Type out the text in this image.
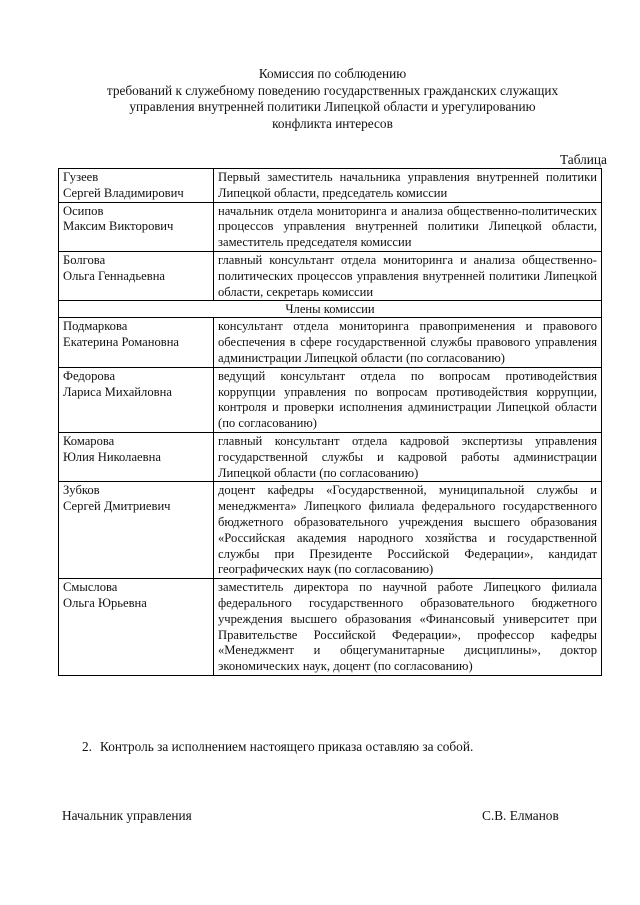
Комиссия по соблюдению
требований к служебному поведению государственных гражданских служащих
управления внутренней политики Липецкой области и урегулированию
конфликта интересов
Таблица
Гузеев
Сергей Владимирович	Первый заместитель начальника управления внутренней политики Липецкой области, председатель комиссии

Осипов
Максим Викторович	начальник отдела мониторинга и анализа общественно-политических процессов управления внутренней политики Липецкой области, заместитель председателя комиссии

Болгова
Ольга Геннадьевна	главный консультант отдела мониторинга и анализа общественно-политических процессов управления внутренней политики Липецкой области, секретарь комиссии
Члены комиссии	

Подмаркова
Екатерина Романовна	консультант отдела мониторинга правоприменения и правового обеспечения в сфере государственной службы правового управления администрации Липецкой области (по согласованию)

Федорова
Лариса Михайловна	ведущий консультант отдела по вопросам противодействия коррупции управления по вопросам противодействия коррупции, контроля и проверки исполнения администрации Липецкой области (по согласованию)

Комарова
Юлия Николаевна	главный консультант отдела кадровой экспертизы управления государственной службы и кадровой работы администрации Липецкой области (по согласованию)

Зубков
Сергей Дмитриевич	доцент кафедры «Государственной, муниципальной службы и менеджмента» Липецкого филиала федерального государственного бюджетного образовательного учреждения высшего образования «Российская академия народного хозяйства и государственной службы при Президенте Российской Федерации», кандидат географических наук (по согласованию)

Смыслова
Ольга Юрьевна	заместитель директора по научной работе Липецкого филиала федерального государственного образовательного бюджетного учреждения высшего образования «Финансовый университет при Правительстве Российской Федерации», профессор кафедры «Менеджмент и общегуманитарные дисциплины», доктор экономических наук, доцент (по согласованию)
2. Контроль за исполнением настоящего приказа оставляю за собой.
Начальник управления	С.В. Елманов
